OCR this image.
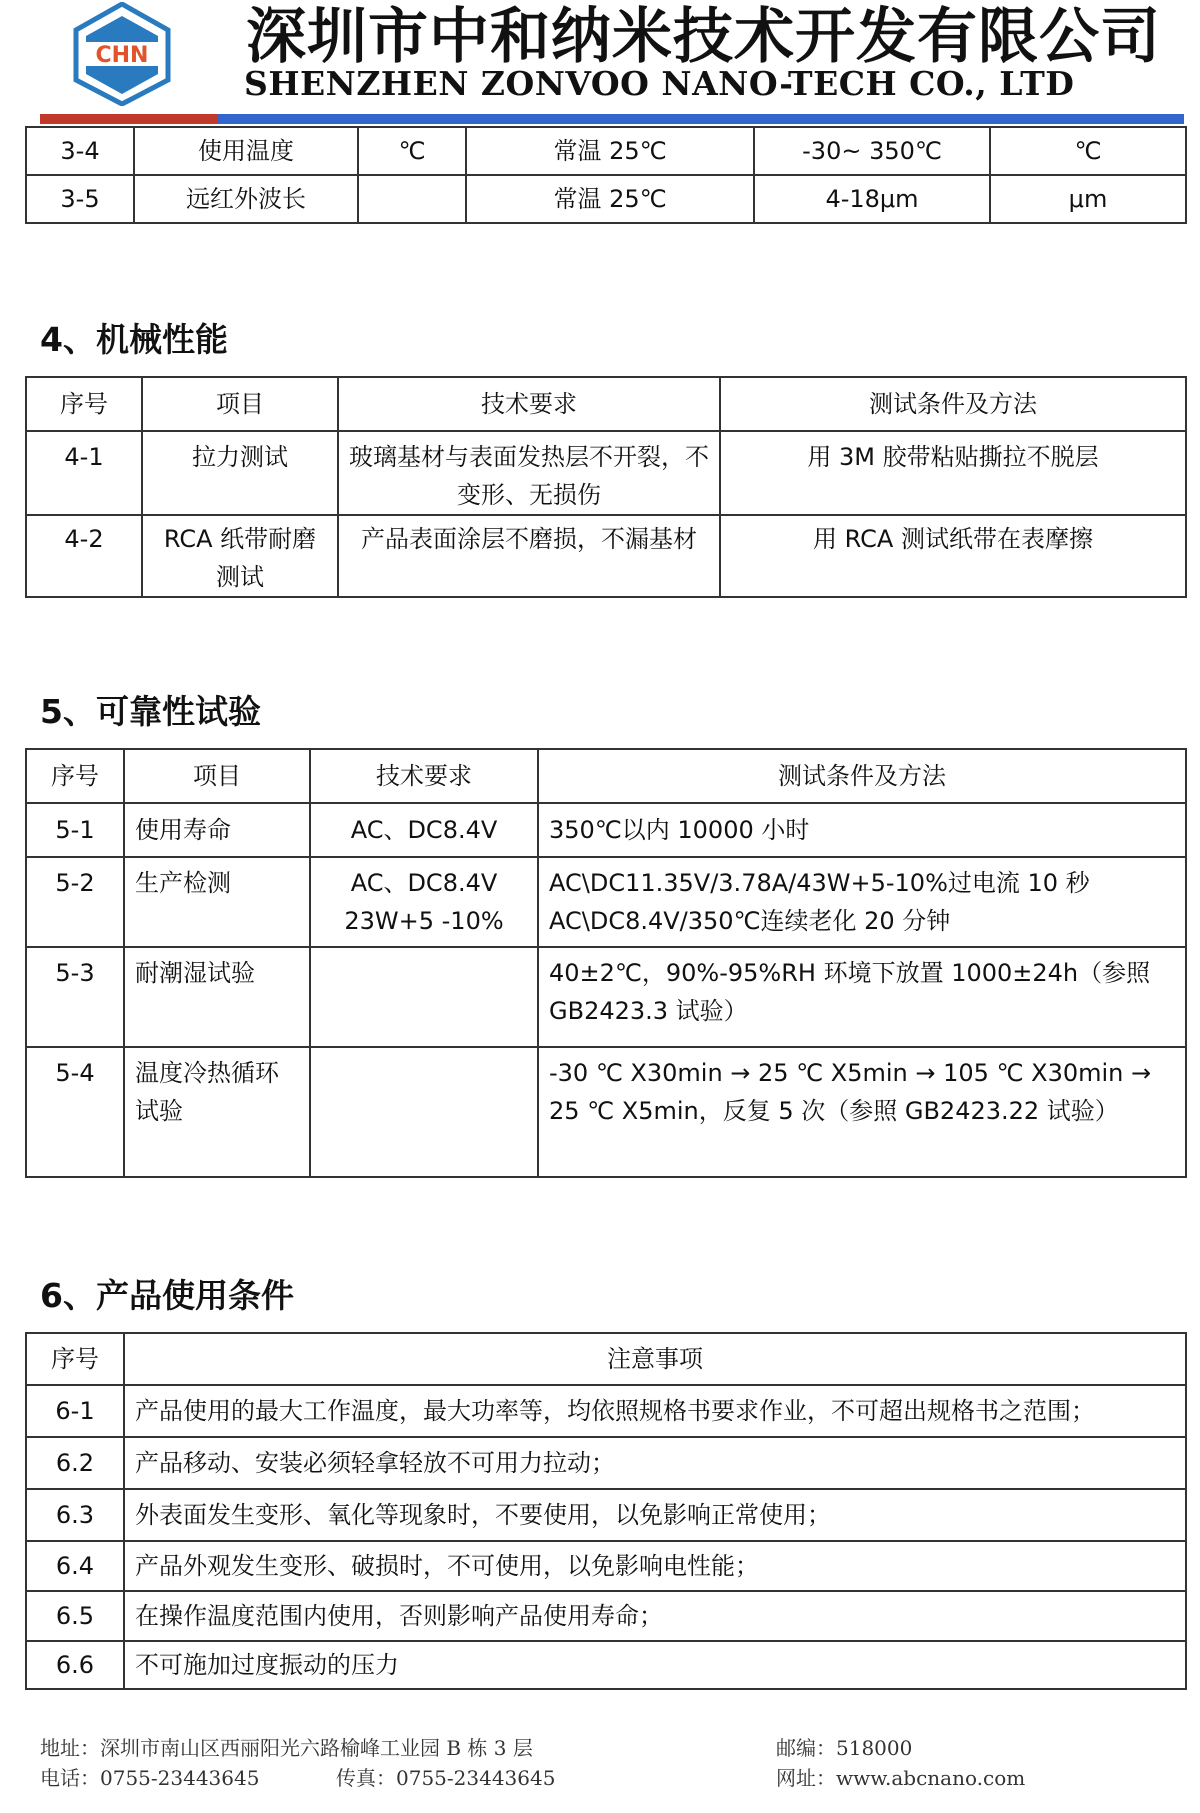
CHN 深圳市中和纳米技术开发有限公司
SHENZHEN ZONVOO NANO-TECH CO., LTD
3-4	使用温度	℃	常温 25℃	-30~ 350℃	℃
3-5	远红外波长		常温 25℃	4-18μm	μm
4、机械性能
序号	项目	技术要求	测试条件及方法
4-1	拉力测试	玻璃基材与表面发热层不开裂，不变形、无损伤	用 3M 胶带粘贴撕拉不脱层
4-2	RCA 纸带耐磨测试	产品表面涂层不磨损，不漏基材	用 RCA 测试纸带在表摩擦
5、可靠性试验
序号	项目	技术要求	测试条件及方法
5-1	使用寿命	AC、DC8.4V	350℃以内 10000 小时
5-2	生产检测	AC、DC8.4V 23W+5 -10%	AC\DC11.35V/3.78A/43W+5-10%过电流 10 秒 AC\DC8.4V/350℃连续老化 20 分钟
5-3	耐潮湿试验		40±2℃，90%-95%RH 环境下放置 1000±24h（参照 GB2423.3 试验）
5-4	温度冷热循环试验		-30 ℃ X30min → 25 ℃ X5min → 105 ℃ X30min → 25 ℃ X5min，反复 5 次（参照 GB2423.22 试验）
6、产品使用条件
序号	注意事项
6-1	产品使用的最大工作温度，最大功率等，均依照规格书要求作业，不可超出规格书之范围；
6.2	产品移动、安装必须轻拿轻放不可用力拉动；
6.3	外表面发生变形、氧化等现象时，不要使用，以免影响正常使用；
6.4	产品外观发生变形、破损时，不可使用，以免影响电性能；
6.5	在操作温度范围内使用，否则影响产品使用寿命；
6.6	不可施加过度振动的压力
地址：深圳市南山区西丽阳光六路榆峰工业园 B 栋 3 层	邮编：518000
电话：0755-23443645	传真：0755-23443645	网址：www.abcnano.com
